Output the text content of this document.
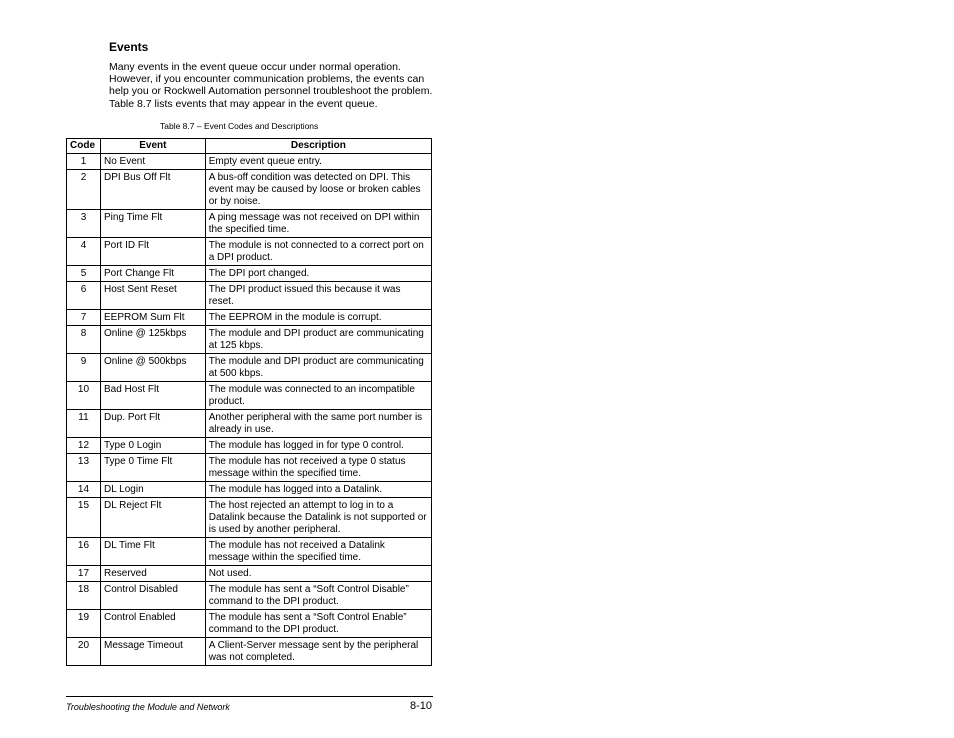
Events
Many events in the event queue occur under normal operation. However, if you encounter communication problems, the events can help you or Rockwell Automation personnel troubleshoot the problem. Table 8.7 lists events that may appear in the event queue.
Table 8.7 – Event Codes and Descriptions
Code	Event	Description
1	No Event	Empty event queue entry.
2	DPI Bus Off Flt	A bus-off condition was detected on DPI. This event may be caused by loose or broken cables or by noise.
3	Ping Time Flt	A ping message was not received on DPI within the specified time.
4	Port ID Flt	The module is not connected to a correct port on a DPI product.
5	Port Change Flt	The DPI port changed.
6	Host Sent Reset	The DPI product issued this because it was reset.
7	EEPROM Sum Flt	The EEPROM in the module is corrupt.
8	Online @ 125kbps	The module and DPI product are communicating at 125 kbps.
9	Online @ 500kbps	The module and DPI product are communicating at 500 kbps.
10	Bad Host Flt	The module was connected to an incompatible product.
11	Dup. Port Flt	Another peripheral with the same port number is already in use.
12	Type 0 Login	The module has logged in for type 0 control.
13	Type 0 Time Flt	The module has not received a type 0 status message within the specified time.
14	DL Login	The module has logged into a Datalink.
15	DL Reject Flt	The host rejected an attempt to log in to a Datalink because the Datalink is not supported or is used by another peripheral.
16	DL Time Flt	The module has not received a Datalink message within the specified time.
17	Reserved	Not used.
18	Control Disabled	The module has sent a “Soft Control Disable” command to the DPI product.
19	Control Enabled	The module has sent a “Soft Control Enable” command to the DPI product.
20	Message Timeout	A Client-Server message sent by the peripheral was not completed.
Troubleshooting the Module and Network	8-10
